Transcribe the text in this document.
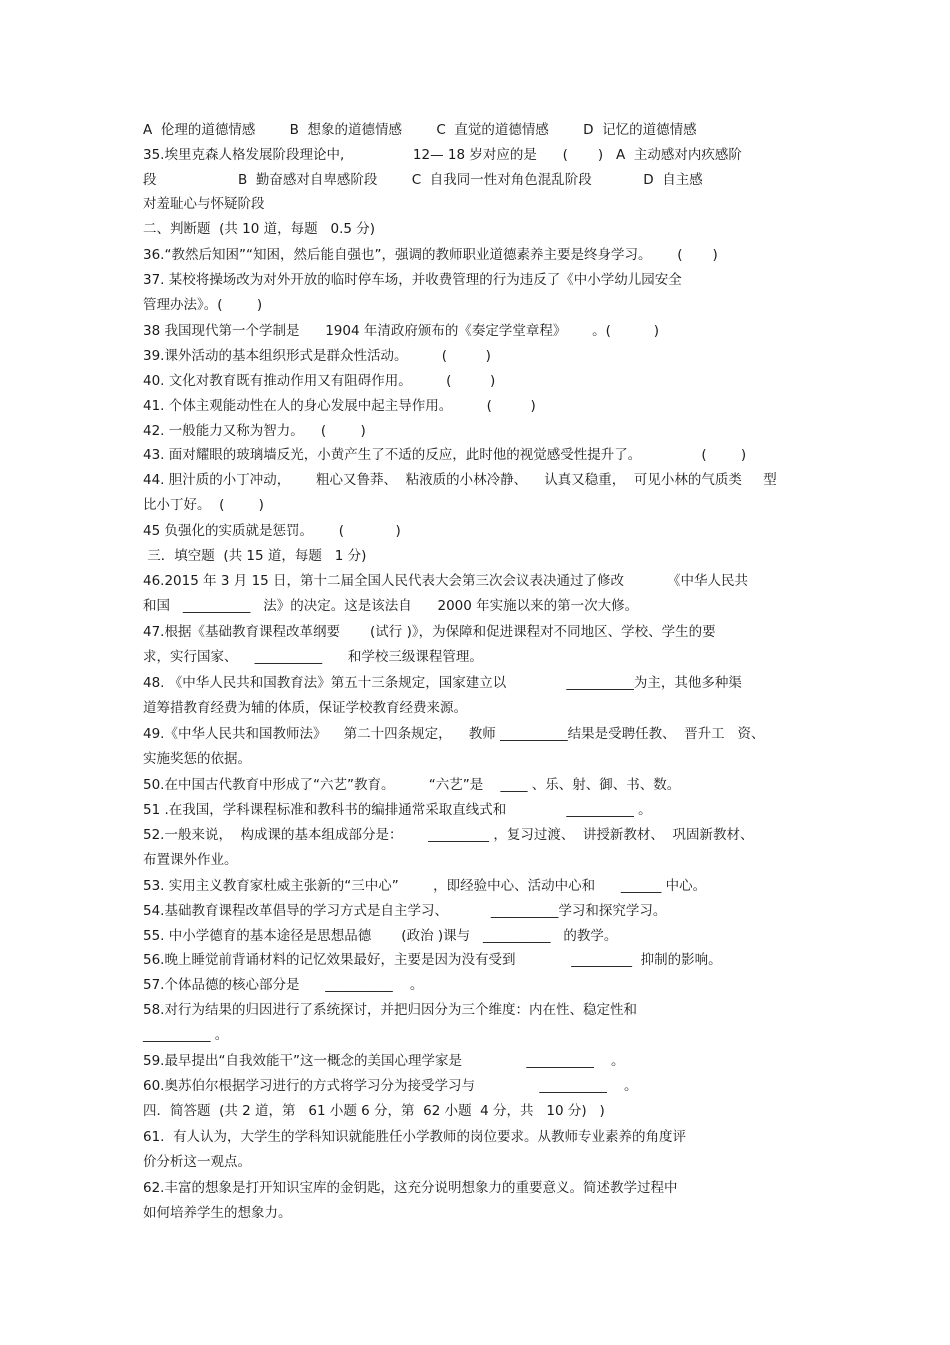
A  伦理的道德情感        B  想象的道德情感        C  直觉的道德情感        D  记忆的道德情感
35.埃里克森人格发展阶段理论中,                12— 18 岁对应的是      (       )   A  主动感对内疚感阶
段                   B  勤奋感对自卑感阶段        C  自我同一性对角色混乱阶段            D  自主感
对羞耻心与怀疑阶段
二、判断题  (共 10 道，每题   0.5 分)
36.“教然后知困”“知困，然后能自强也”，强调的教师职业道德素养主要是终身学习。      (       )
37. 某校将操场改为对外开放的临时停车场，并收费管理的行为违反了《中小学幼儿园安全
管理办法》。(        )
38 我国现代第一个学制是      1904 年清政府颁布的《奏定学堂章程》      。(          )
39.课外活动的基本组织形式是群众性活动。        (         )
40. 文化对教育既有推动作用又有阻碍作用。        (         )
41. 个体主观能动性在人的身心发展中起主导作用。        (         )
42. 一般能力又称为智力。    (        )
43. 面对耀眼的玻璃墙反光，小黄产生了不适的反应，此时他的视觉感受性提升了。              (        )
44. 胆汁质的小丁冲动，      粗心又鲁莽、  粘液质的小林冷静、    认真又稳重，  可见小林的气质类     型
比小丁好。  (        )
45 负强化的实质就是惩罚。      (            )
三．填空题  (共 15 道，每题   1 分)
46.2015 年 3 月 15 日，第十二届全国人民代表大会第三次会议表决通过了修改          《中华人民共
和国   __________   法》的决定。这是该法自      2000 年实施以来的第一次大修。
47.根据《基础教育课程改革纲要       (试行 )》，为保障和促进课程对不同地区、学校、学生的要
求，实行国家、    __________      和学校三级课程管理。
48. 《中华人民共和国教育法》第五十三条规定，国家建立以              __________为主，其他多种渠
道筹措教育经费为辅的体质，保证学校教育经费来源。
49.《中华人民共和国教师法》    第二十四条规定，    教师 __________结果是受聘任教、  晋升工   资、
实施奖惩的依据。
50.在中国古代教育中形成了“六艺”教育。        “六艺”是    ____ 、乐、射、御、书、数。
51 .在我国，学科课程标准和教科书的编排通常采取直线式和              __________ 。
52.一般来说，  构成课的基本组成部分是：      _________ ，复习过渡、  讲授新教材、  巩固新教材、
布置课外作业。
53. 实用主义教育家杜威主张新的“三中心”        ，即经验中心、活动中心和      ______ 中心。
54.基础教育课程改革倡导的学习方式是自主学习、          __________学习和探究学习。
55. 中小学德育的基本途径是思想品德       (政治 )课与   __________   的教学。
56.晚上睡觉前背诵材料的记忆效果最好，主要是因为没有受到             _________  抑制的影响。
57.个体品德的核心部分是      __________    。
58.对行为结果的归因进行了系统探讨，并把归因分为三个维度：内在性、稳定性和
__________ 。
59.最早提出“自我效能干”这一概念的美国心理学家是               __________    。
60.奥苏伯尔根据学习进行的方式将学习分为接受学习与               __________    。
四．简答题  (共 2 道，第   61 小题 6 分，第  62 小题  4 分，共   10 分)   )
61.  有人认为，大学生的学科知识就能胜任小学教师的岗位要求。从教师专业素养的角度评
价分析这一观点。
62.丰富的想象是打开知识宝库的金钥匙，这充分说明想象力的重要意义。简述教学过程中
如何培养学生的想象力。
